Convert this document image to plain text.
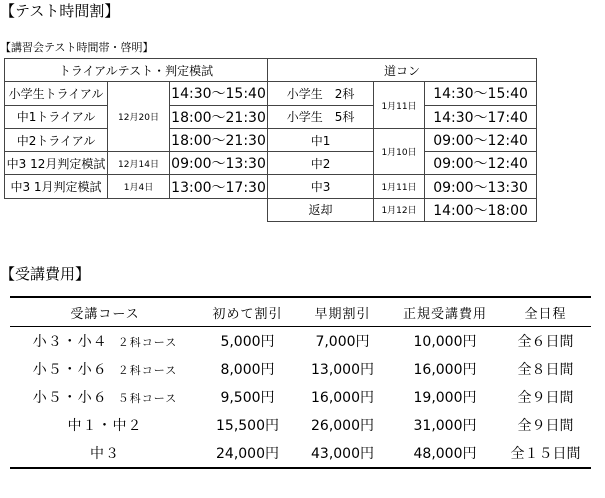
【テスト時間割】
【講習会テスト時間帯・啓明】
トライアルテスト・判定模試			道コン		
小学生トライアル	12月20日	14:30～15:40	小学生　2科	1月11日	14:30～15:40
中1トライアル		18:00～21:30	小学生　5科		14:30～17:40
中2トライアル		18:00～21:30	中1	1月10日	09:00～12:40
中3 12月判定模試	12月14日	09:00～13:30	中2		09:00～12:40
中3 1月判定模試	1月4日	13:00～17:30	中3	1月11日	09:00～13:30
			返却	1月12日	14:00～18:00
【受講費用】
受講コース	初めて割引	早期割引	正規受講費用	全日程
小３・小４ ２科コース	5,000円	7,000円	10,000円	全６日間
小５・小６ ２科コース	8,000円	13,000円	16,000円	全８日間
小５・小６ ５科コース	9,500円	16,000円	19,000円	全９日間
中１・中２	15,500円	26,000円	31,000円	全９日間
中３	24,000円	43,000円	48,000円	全１５日間
